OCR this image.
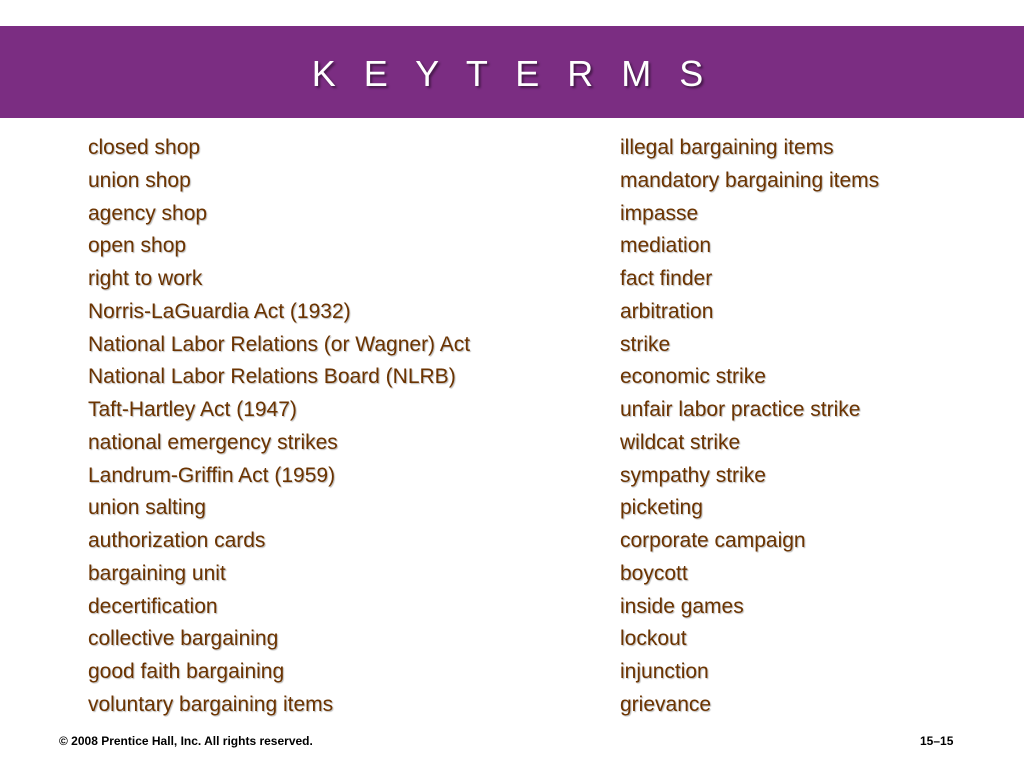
K E Y T E R M S
closed shop
union shop
agency shop
open shop
right to work
Norris-LaGuardia Act (1932)
National Labor Relations (or Wagner) Act
National Labor Relations Board (NLRB)
Taft-Hartley Act (1947)
national emergency strikes
Landrum-Griffin Act (1959)
union salting
authorization cards
bargaining unit
decertification
collective bargaining
good faith bargaining
voluntary bargaining items
illegal bargaining items
mandatory bargaining items
impasse
mediation
fact finder
arbitration
strike
economic strike
unfair labor practice strike
wildcat strike
sympathy strike
picketing
corporate campaign
boycott
inside games
lockout
injunction
grievance
© 2008 Prentice Hall, Inc. All rights reserved.	15–15
